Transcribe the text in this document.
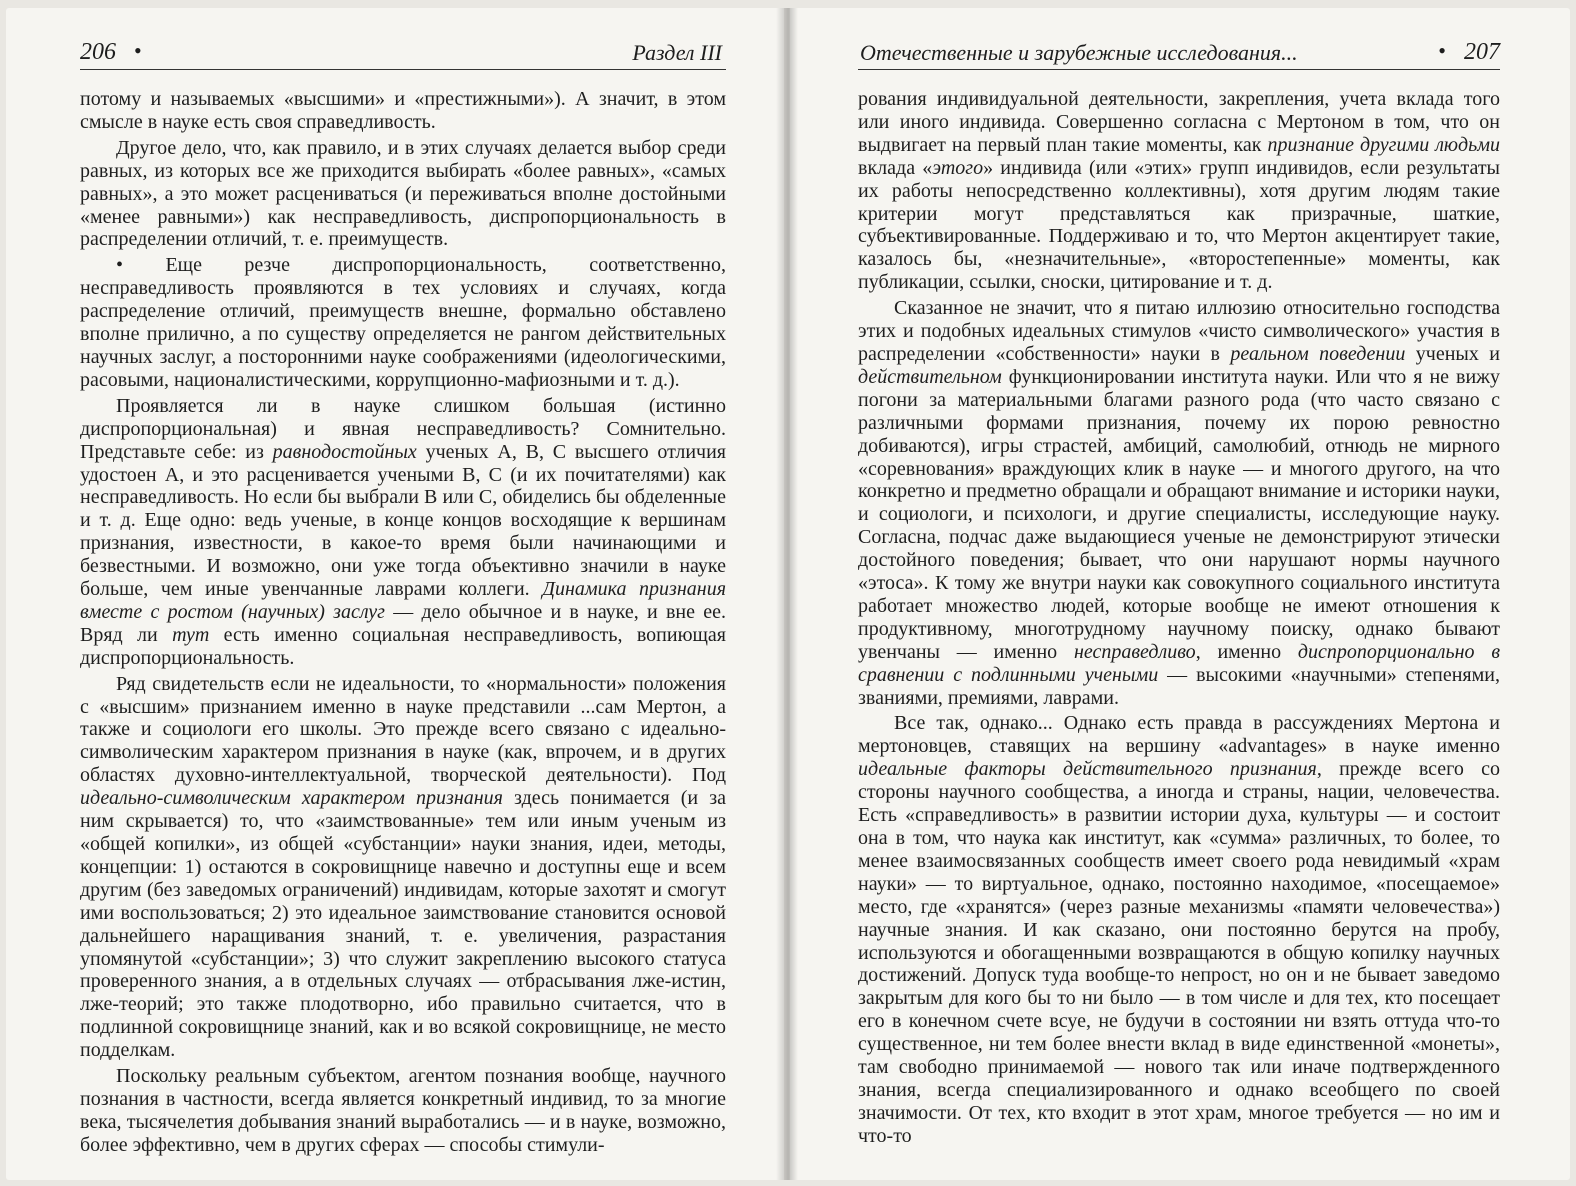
206 •	Раздел III

потому и называемых «высшими» и «престижными»). А значит, в этом смысле в науке есть своя справедливость.

Другое дело, что, как правило, и в этих случаях делается выбор среди равных, из которых все же приходится выбирать «более равных», «самых равных», а это может расцениваться (и переживаться вполне достойными «менее равными») как несправедливость, диспропорциональность в распределении отличий, т. е. преимуществ.

• Еще резче диспропорциональность, соответственно, несправедливость проявляются в тех условиях и случаях, когда распределение отличий, преимуществ внешне, формально обставлено вполне прилично, а по существу определяется не рангом действительных научных заслуг, а посторонними науке соображениями (идеологическими, расовыми, националистическими, коррупционно-мафиозными и т. д.).

Проявляется ли в науке слишком большая (истинно диспропорциональная) и явная несправедливость? Сомнительно. Представьте себе: из равнодостойных ученых А, В, С высшего отличия удостоен А, и это расценивается учеными В, С (и их почитателями) как несправедливость. Но если бы выбрали В или С, обиделись бы обделенные и т. д. Еще одно: ведь ученые, в конце концов восходящие к вершинам признания, известности, в какое-то время были начинающими и безвестными. И возможно, они уже тогда объективно значили в науке больше, чем иные увенчанные лаврами коллеги. Динамика признания вместе с ростом (научных) заслуг — дело обычное и в науке, и вне ее. Вряд ли тут есть именно социальная несправедливость, вопиющая диспропорциональность.

Ряд свидетельств если не идеальности, то «нормальности» положения с «высшим» признанием именно в науке представили ...сам Мертон, а также и социологи его школы. Это прежде всего связано с идеально-символическим характером признания в науке (как, впрочем, и в других областях духовно-интеллектуальной, творческой деятельности). Под идеально-символическим характером признания здесь понимается (и за ним скрывается) то, что «заимствованные» тем или иным ученым из «общей копилки», из общей «субстанции» науки знания, идеи, методы, концепции: 1) остаются в сокровищнице навечно и доступны еще и всем другим (без заведомых ограничений) индивидам, которые захотят и смогут ими воспользоваться; 2) это идеальное заимствование становится основой дальнейшего наращивания знаний, т. е. увеличения, разрастания упомянутой «субстанции»; 3) что служит закреплению высокого статуса проверенного знания, а в отдельных случаях — отбрасывания лже-истин, лже-теорий; это также плодотворно, ибо правильно считается, что в подлинной сокровищнице знаний, как и во всякой сокровищнице, не место подделкам.

Поскольку реальным субъектом, агентом познания вообще, научного познания в частности, всегда является конкретный индивид, то за многие века, тысячелетия добывания знаний выработались — и в науке, возможно, более эффективно, чем в других сферах — способы стимули-

Отечественные и зарубежные исследования...	• 207

рования индивидуальной деятельности, закрепления, учета вклада того или иного индивида. Совершенно согласна с Мертоном в том, что он выдвигает на первый план такие моменты, как признание другими людьми вклада «этого» индивида (или «этих» групп индивидов, если результаты их работы непосредственно коллективны), хотя другим людям такие критерии могут представляться как призрачные, шаткие, субъективированные. Поддерживаю и то, что Мертон акцентирует такие, казалось бы, «незначительные», «второстепенные» моменты, как публикации, ссылки, сноски, цитирование и т. д.

Сказанное не значит, что я питаю иллюзию относительно господства этих и подобных идеальных стимулов «чисто символического» участия в распределении «собственности» науки в реальном поведении ученых и действительном функционировании института науки. Или что я не вижу погони за материальными благами разного рода (что часто связано с различными формами признания, почему их порою ревностно добиваются), игры страстей, амбиций, самолюбий, отнюдь не мирного «соревнования» враждующих клик в науке — и многого другого, на что конкретно и предметно обращали и обращают внимание и историки науки, и социологи, и психологи, и другие специалисты, исследующие науку. Согласна, подчас даже выдающиеся ученые не демонстрируют этически достойного поведения; бывает, что они нарушают нормы научного «этоса». К тому же внутри науки как совокупного социального института работает множество людей, которые вообще не имеют отношения к продуктивному, многотрудному научному поиску, однако бывают увенчаны — именно несправедливо, именно диспропорционально в сравнении с подлинными учеными — высокими «научными» степенями, званиями, премиями, лаврами.

Все так, однако... Однако есть правда в рассуждениях Мертона и мертоновцев, ставящих на вершину «advantages» в науке именно идеальные факторы действительного признания, прежде всего со стороны научного сообщества, а иногда и страны, нации, человечества. Есть «справедливость» в развитии истории духа, культуры — и состоит она в том, что наука как институт, как «сумма» различных, то более, то менее взаимосвязанных сообществ имеет своего рода невидимый «храм науки» — то виртуальное, однако, постоянно находимое, «посещаемое» место, где «хранятся» (через разные механизмы «памяти человечества») научные знания. И как сказано, они постоянно берутся на пробу, используются и обогащенными возвращаются в общую копилку научных достижений. Допуск туда вообще-то непрост, но он и не бывает заведомо закрытым для кого бы то ни было — в том числе и для тех, кто посещает его в конечном счете всуе, не будучи в состоянии ни взять оттуда что-то существенное, ни тем более внести вклад в виде единственной «монеты», там свободно принимаемой — нового так или иначе подтвержденного знания, всегда специализированного и однако всеобщего по своей значимости. От тех, кто входит в этот храм, многое требуется — но им и что-то
